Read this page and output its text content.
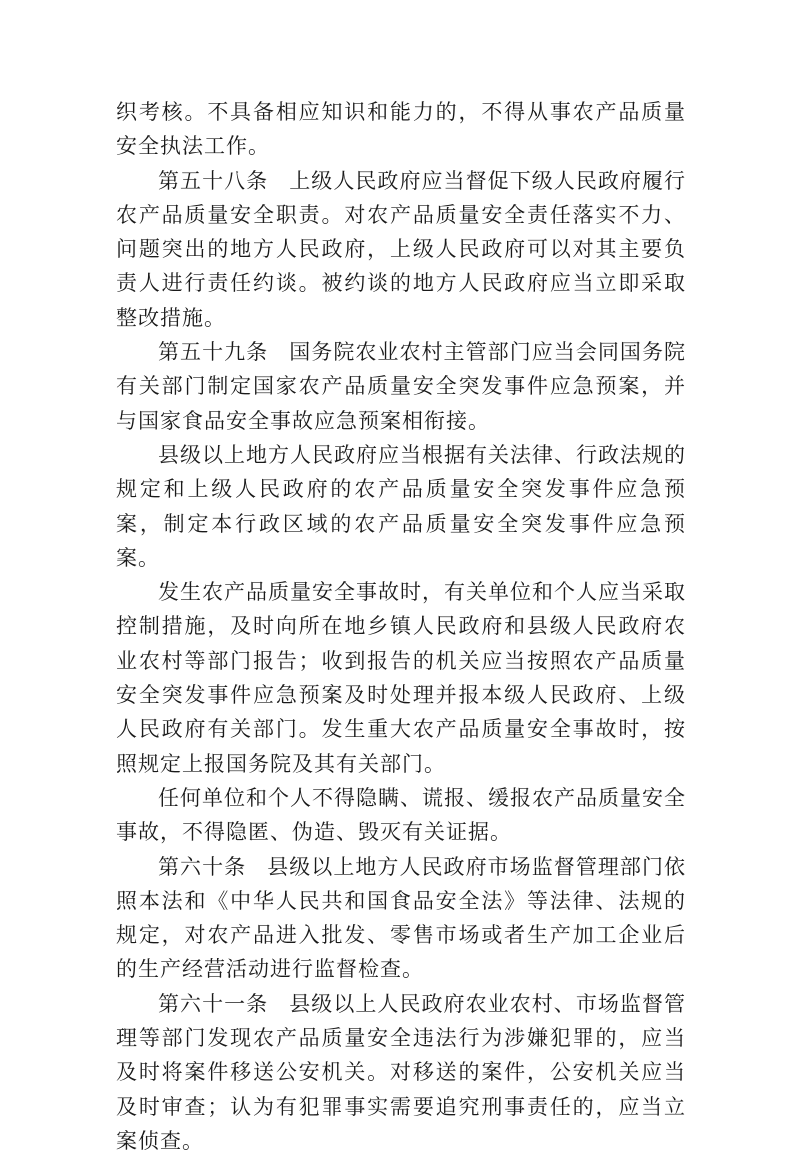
织考核。不具备相应知识和能力的，不得从事农产品质量安全执法工作。

第五十八条 上级人民政府应当督促下级人民政府履行农产品质量安全职责。对农产品质量安全责任落实不力、问题突出的地方人民政府，上级人民政府可以对其主要负责人进行责任约谈。被约谈的地方人民政府应当立即采取整改措施。

第五十九条 国务院农业农村主管部门应当会同国务院有关部门制定国家农产品质量安全突发事件应急预案，并与国家食品安全事故应急预案相衔接。

县级以上地方人民政府应当根据有关法律、行政法规的规定和上级人民政府的农产品质量安全突发事件应急预案，制定本行政区域的农产品质量安全突发事件应急预案。

发生农产品质量安全事故时，有关单位和个人应当采取控制措施，及时向所在地乡镇人民政府和县级人民政府农业农村等部门报告；收到报告的机关应当按照农产品质量安全突发事件应急预案及时处理并报本级人民政府、上级人民政府有关部门。发生重大农产品质量安全事故时，按照规定上报国务院及其有关部门。

任何单位和个人不得隐瞒、谎报、缓报农产品质量安全事故，不得隐匿、伪造、毁灭有关证据。

第六十条 县级以上地方人民政府市场监督管理部门依照本法和《中华人民共和国食品安全法》等法律、法规的规定，对农产品进入批发、零售市场或者生产加工企业后的生产经营活动进行监督检查。

第六十一条 县级以上人民政府农业农村、市场监督管理等部门发现农产品质量安全违法行为涉嫌犯罪的，应当及时将案件移送公安机关。对移送的案件，公安机关应当及时审查；认为有犯罪事实需要追究刑事责任的，应当立案侦查。
